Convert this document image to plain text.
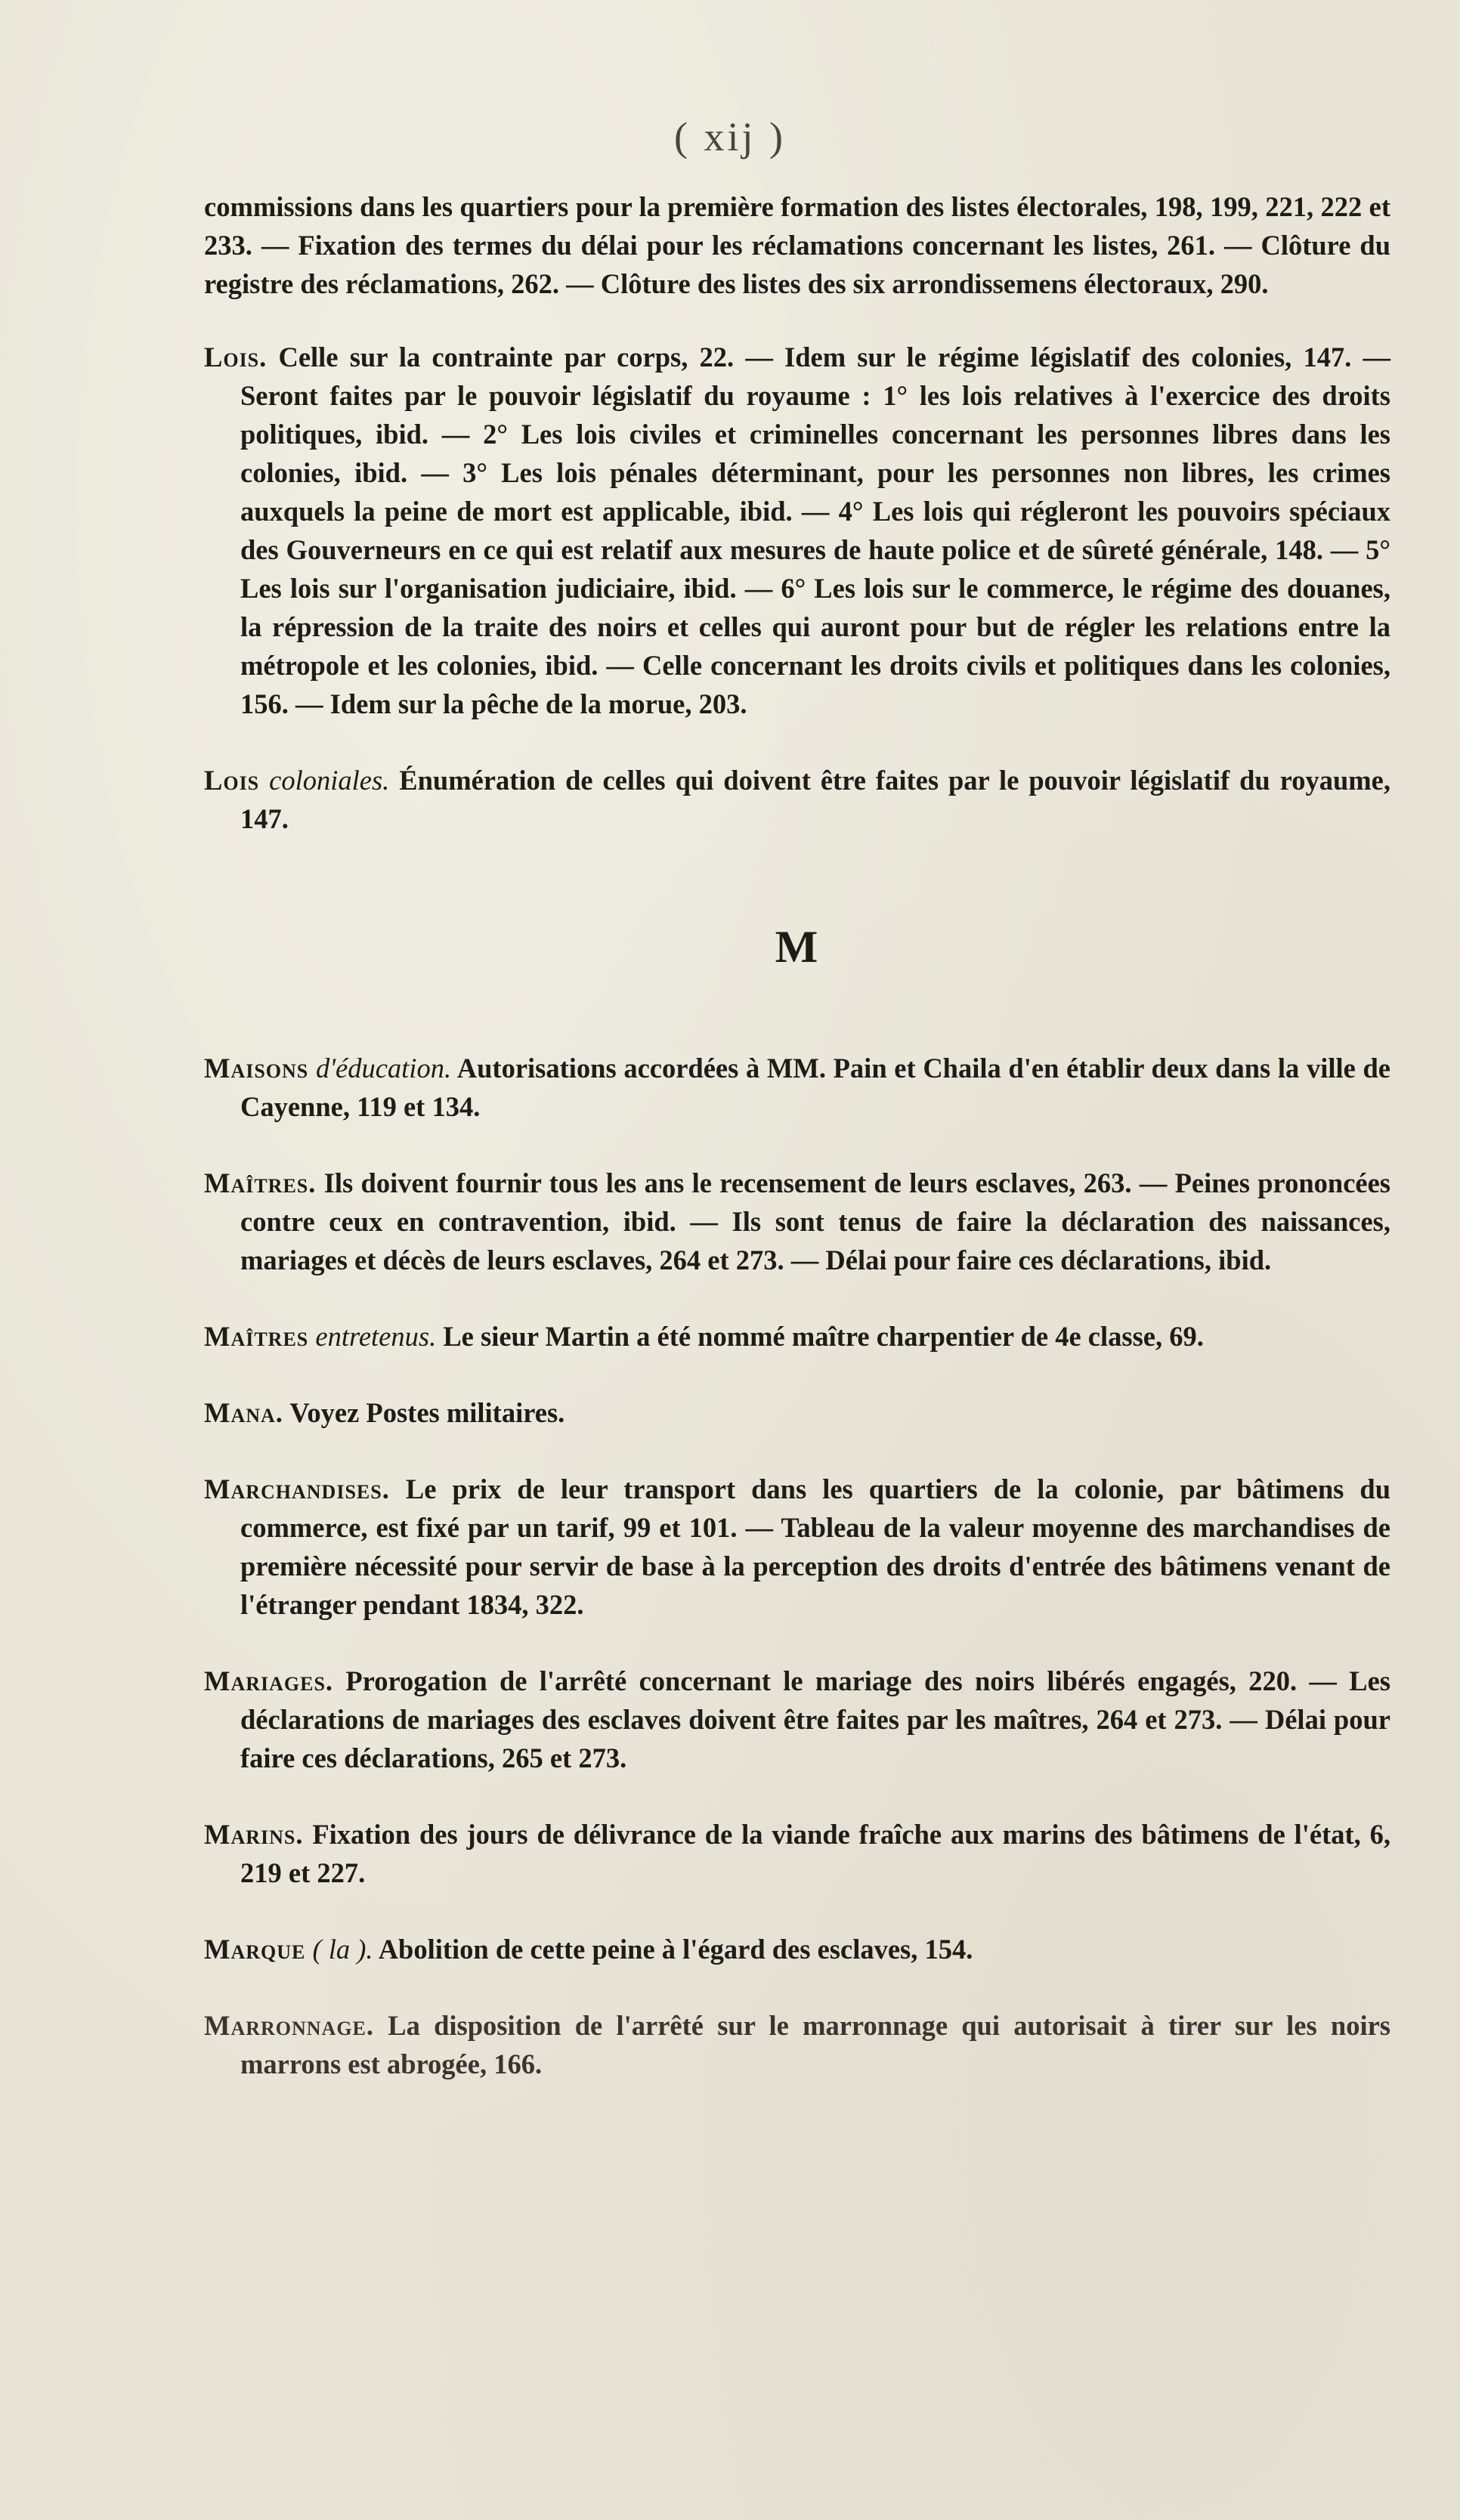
( xij )

commissions dans les quartiers pour la première formation des listes électorales, 198, 199, 221, 222 et 233. — Fixation des termes du délai pour les réclamations concernant les listes, 261. — Clôture du registre des réclamations, 262. — Clôture des listes des six arrondissemens électoraux, 290.

Lois. Celle sur la contrainte par corps, 22. — Idem sur le régime législatif des colonies, 147. — Seront faites par le pouvoir législatif du royaume : 1° les lois relatives à l'exercice des droits politiques, ibid. — 2° Les lois civiles et criminelles concernant les personnes libres dans les colonies, ibid. — 3° Les lois pénales déterminant, pour les personnes non libres, les crimes auxquels la peine de mort est applicable, ibid. — 4° Les lois qui régleront les pouvoirs spéciaux des Gouverneurs en ce qui est relatif aux mesures de haute police et de sûreté générale, 148. — 5° Les lois sur l'organisation judiciaire, ibid. — 6° Les lois sur le commerce, le régime des douanes, la répression de la traite des noirs et celles qui auront pour but de régler les relations entre la métropole et les colonies, ibid. — Celle concernant les droits civils et politiques dans les colonies, 156. — Idem sur la pêche de la morue, 203.

Lois coloniales. Énumération de celles qui doivent être faites par le pouvoir législatif du royaume, 147.

M

Maisons d'éducation. Autorisations accordées à MM. Pain et Chaila d'en établir deux dans la ville de Cayenne, 119 et 134.

Maîtres. Ils doivent fournir tous les ans le recensement de leurs esclaves, 263. — Peines prononcées contre ceux en contravention, ibid. — Ils sont tenus de faire la déclaration des naissances, mariages et décès de leurs esclaves, 264 et 273. — Délai pour faire ces déclarations, ibid.

Maîtres entretenus. Le sieur Martin a été nommé maître charpentier de 4e classe, 69.

Mana. Voyez Postes militaires.

Marchandises. Le prix de leur transport dans les quartiers de la colonie, par bâtimens du commerce, est fixé par un tarif, 99 et 101. — Tableau de la valeur moyenne des marchandises de première nécessité pour servir de base à la perception des droits d'entrée des bâtimens venant de l'étranger pendant 1834, 322.

Mariages. Prorogation de l'arrêté concernant le mariage des noirs libérés engagés, 220. — Les déclarations de mariages des esclaves doivent être faites par les maîtres, 264 et 273. — Délai pour faire ces déclarations, 265 et 273.

Marins. Fixation des jours de délivrance de la viande fraîche aux marins des bâtimens de l'état, 6, 219 et 227.

Marque ( la ). Abolition de cette peine à l'égard des esclaves, 154.

Marronnage. La disposition de l'arrêté sur le marronnage qui autorisait à tirer sur les noirs marrons est abrogée, 166.
